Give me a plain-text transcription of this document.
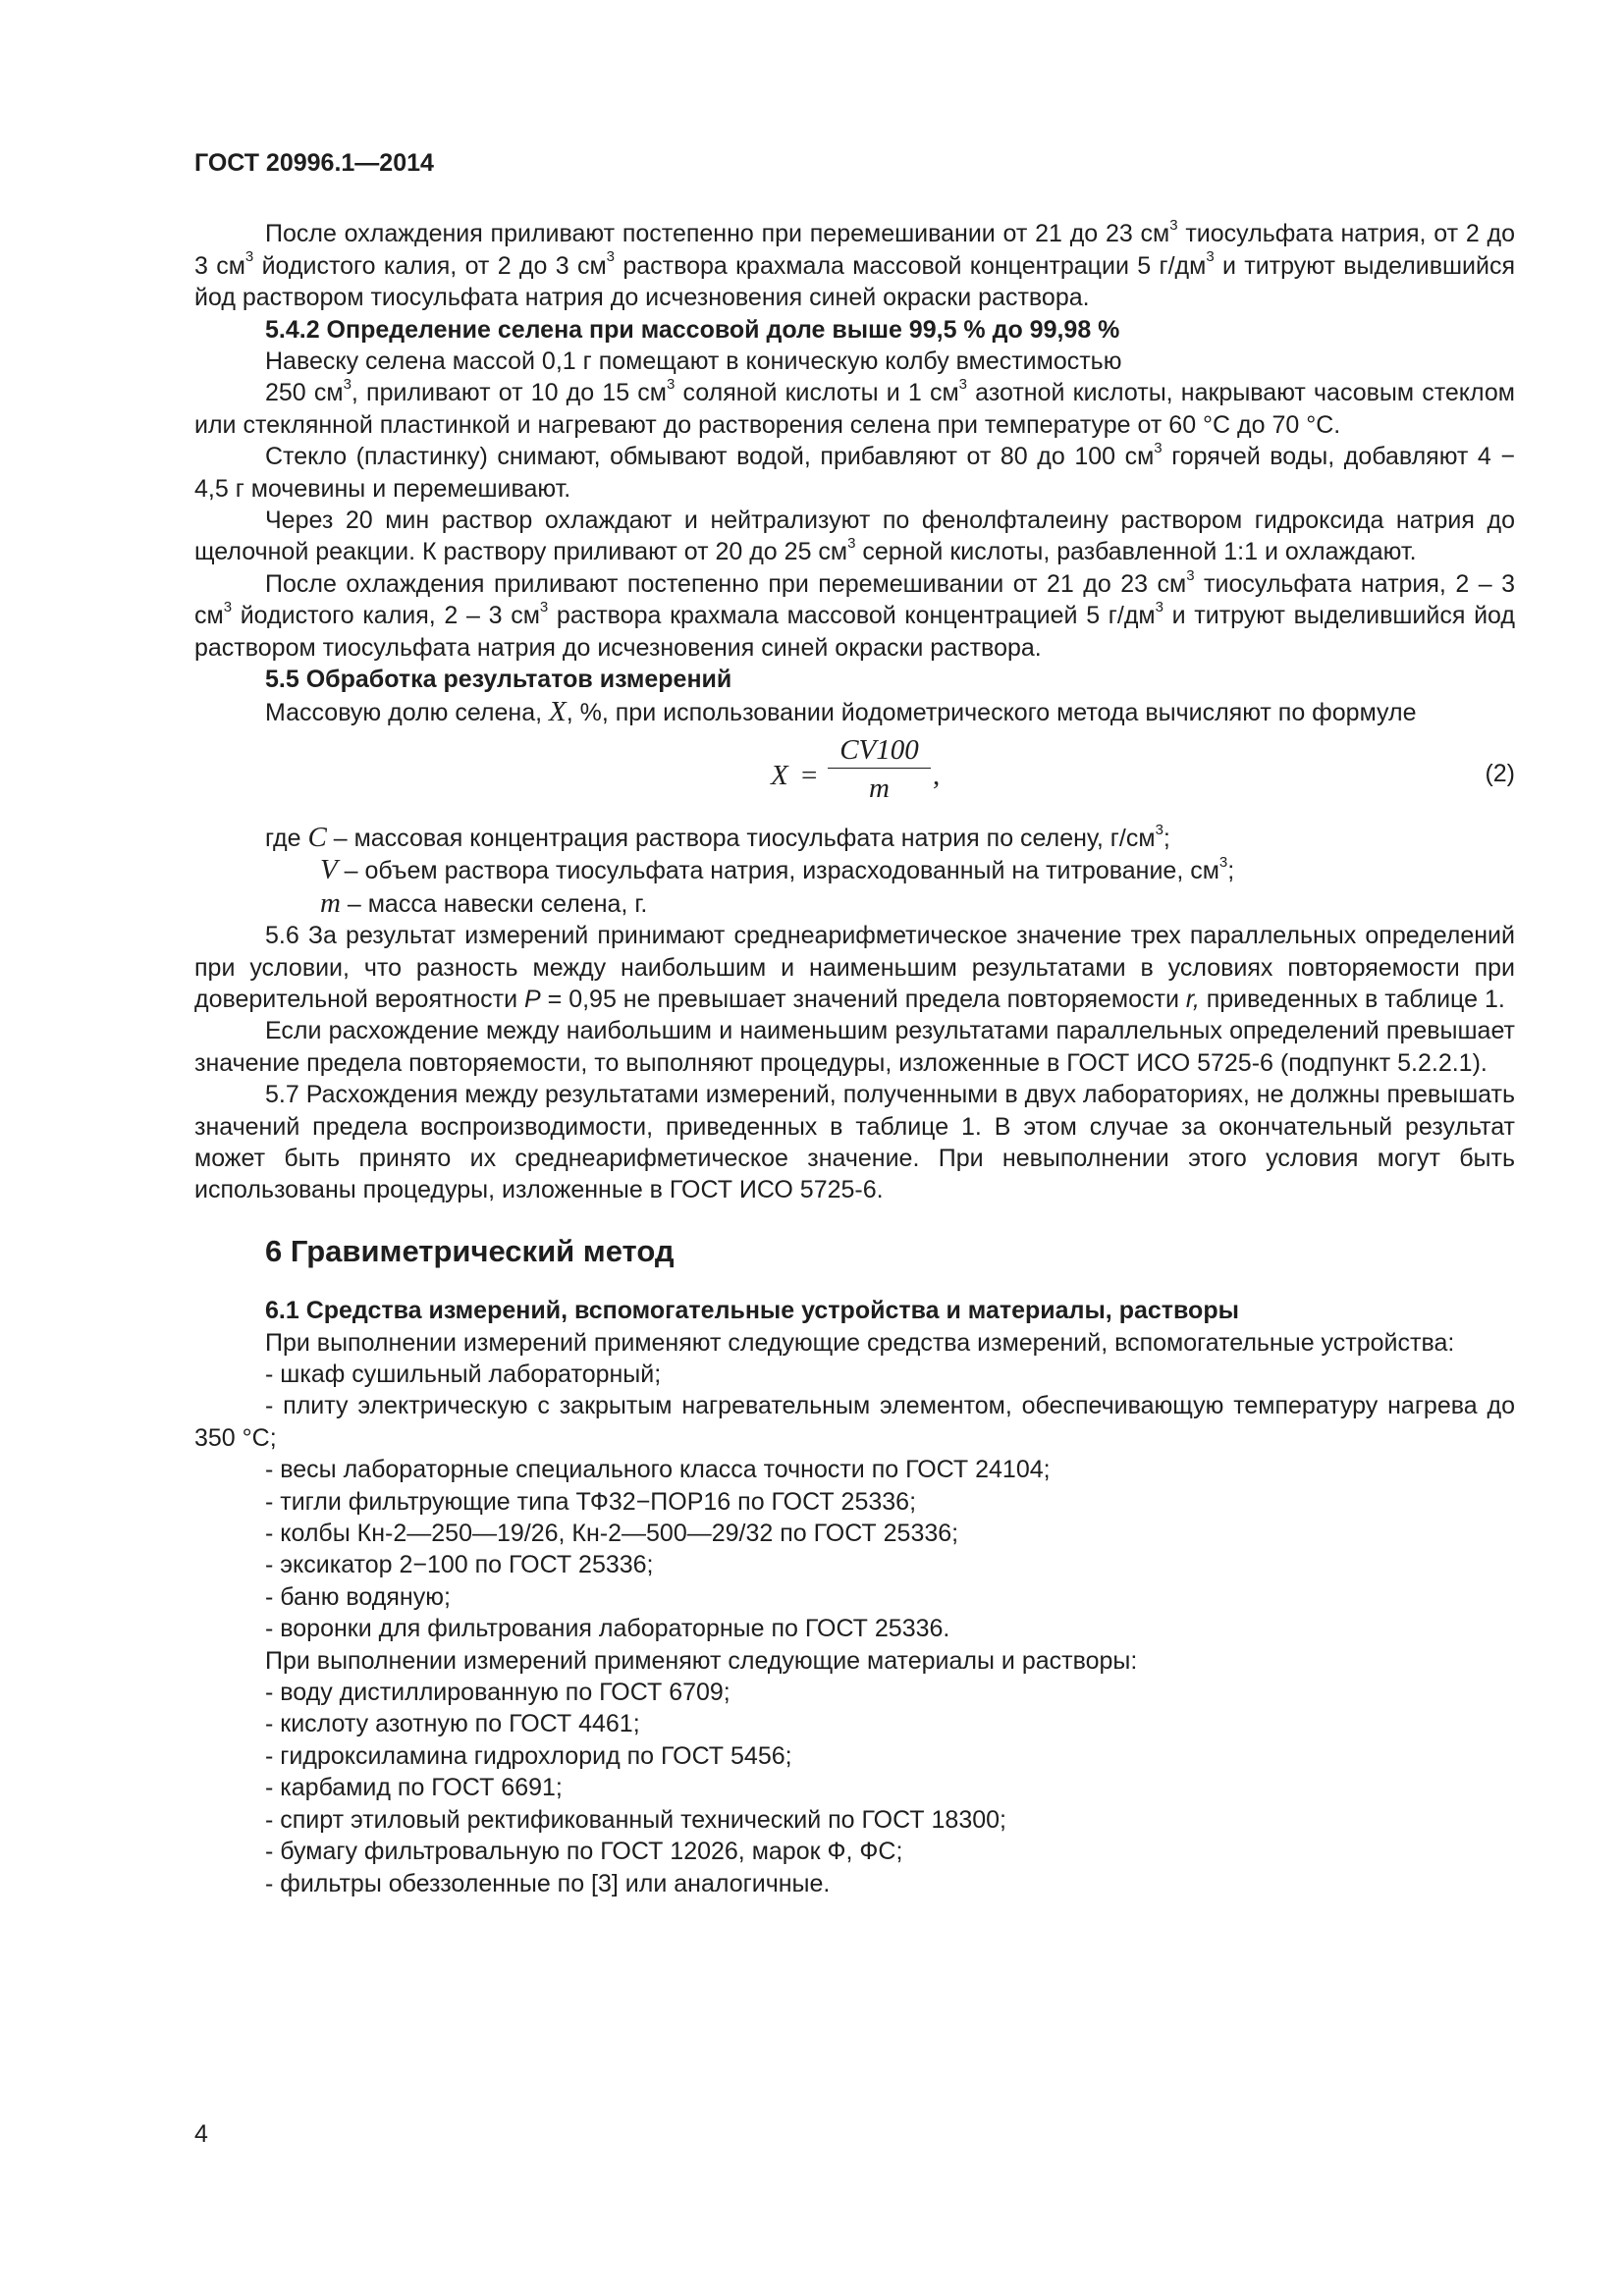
ГОСТ 20996.1—2014

После охлаждения приливают постепенно при перемешивании от 21 до 23 $см^3$ тиосульфата натрия, от 2 до 3 $см^3$ йодистого калия, от 2 до 3 $см^3$ раствора крахмала массовой концентрации 5 $г/дм^3$ и титруют выделившийся йод раствором тиосульфата натрия до исчезновения синей окраски раствора.

5.4.2 Определение селена при массовой доле выше 99,5 % до 99,98 %

Навеску селена массой 0,1 г помещают в коническую колбу вместимостью

250 $см^3$, приливают от 10 до 15 $см^3$ соляной кислоты и 1 $см^3$ азотной кислоты, накрывают часовым стеклом или стеклянной пластинкой и нагревают до растворения селена при температуре от 60 °С до 70 °С.

Стекло (пластинку) снимают, обмывают водой, прибавляют от 80 до 100 $см^3$ горячей воды, добавляют 4 − 4,5 г мочевины и перемешивают.

Через 20 мин раствор охлаждают и нейтрализуют по фенолфталеину раствором гидроксида натрия до щелочной реакции. К раствору приливают от 20 до 25 $см^3$ серной кислоты, разбавленной 1:1 и охлаждают.

После охлаждения приливают постепенно при перемешивании от 21 до 23 $см^3$ тиосульфата натрия, 2 – 3 $см^3$ йодистого калия, 2 – 3 $см^3$ раствора крахмала массовой концентрацией 5 $г/дм^3$ и титруют выделившийся йод раствором тиосульфата натрия до исчезновения синей окраски раствора.

5.5 Обработка результатов измерений

Массовую долю селена, X, %, при использовании йодометрического метода вычисляют по формуле

$X = \frac{CV100}{m}$ ,	(2)

где C – массовая концентрация раствора тиосульфата натрия по селену, $г/см^3$;

V – объем раствора тиосульфата натрия, израсходованный на титрование, $см^3$;

m – масса навески селена, г.

5.6 За результат измерений принимают среднеарифметическое значение трех параллельных определений при условии, что разность между наибольшим и наименьшим результатами в условиях повторяемости при доверительной вероятности Р = 0,95 не превышает значений предела повторяемости r, приведенных в таблице 1.

Если расхождение между наибольшим и наименьшим результатами параллельных определений превышает значение предела повторяемости, то выполняют процедуры, изложенные в ГОСТ ИСО 5725-6 (подпункт 5.2.2.1).

5.7 Расхождения между результатами измерений, полученными в двух лабораториях, не должны превышать значений предела воспроизводимости, приведенных в таблице 1. В этом случае за окончательный результат может быть принято их среднеарифметическое значение. При невыполнении этого условия могут быть использованы процедуры, изложенные в ГОСТ ИСО 5725-6.

6 Гравиметрический метод

6.1 Средства измерений, вспомогательные устройства и материалы, растворы

При выполнении измерений применяют следующие средства измерений, вспомогательные устройства:

- шкаф сушильный лабораторный;

- плиту электрическую с закрытым нагревательным элементом, обеспечивающую температуру нагрева до 350 °С;

- весы лабораторные специального класса точности по ГОСТ 24104;

- тигли фильтрующие типа ТФ32−ПОР16 по ГОСТ 25336;

- колбы Кн-2—250—19/26, Кн-2—500—29/32 по ГОСТ 25336;

- эксикатор 2−100 по ГОСТ 25336;

- баню водяную;

- воронки для фильтрования лабораторные по ГОСТ 25336.

При выполнении измерений применяют следующие материалы и растворы:

- воду дистиллированную по ГОСТ 6709;

- кислоту азотную по ГОСТ 4461;

- гидроксиламина гидрохлорид по ГОСТ 5456;

- карбамид по ГОСТ 6691;

- спирт этиловый ректификованный технический по ГОСТ 18300;

- бумагу фильтровальную по ГОСТ 12026, марок Ф, ФС;

- фильтры обеззоленные по [3] или аналогичные.

4
